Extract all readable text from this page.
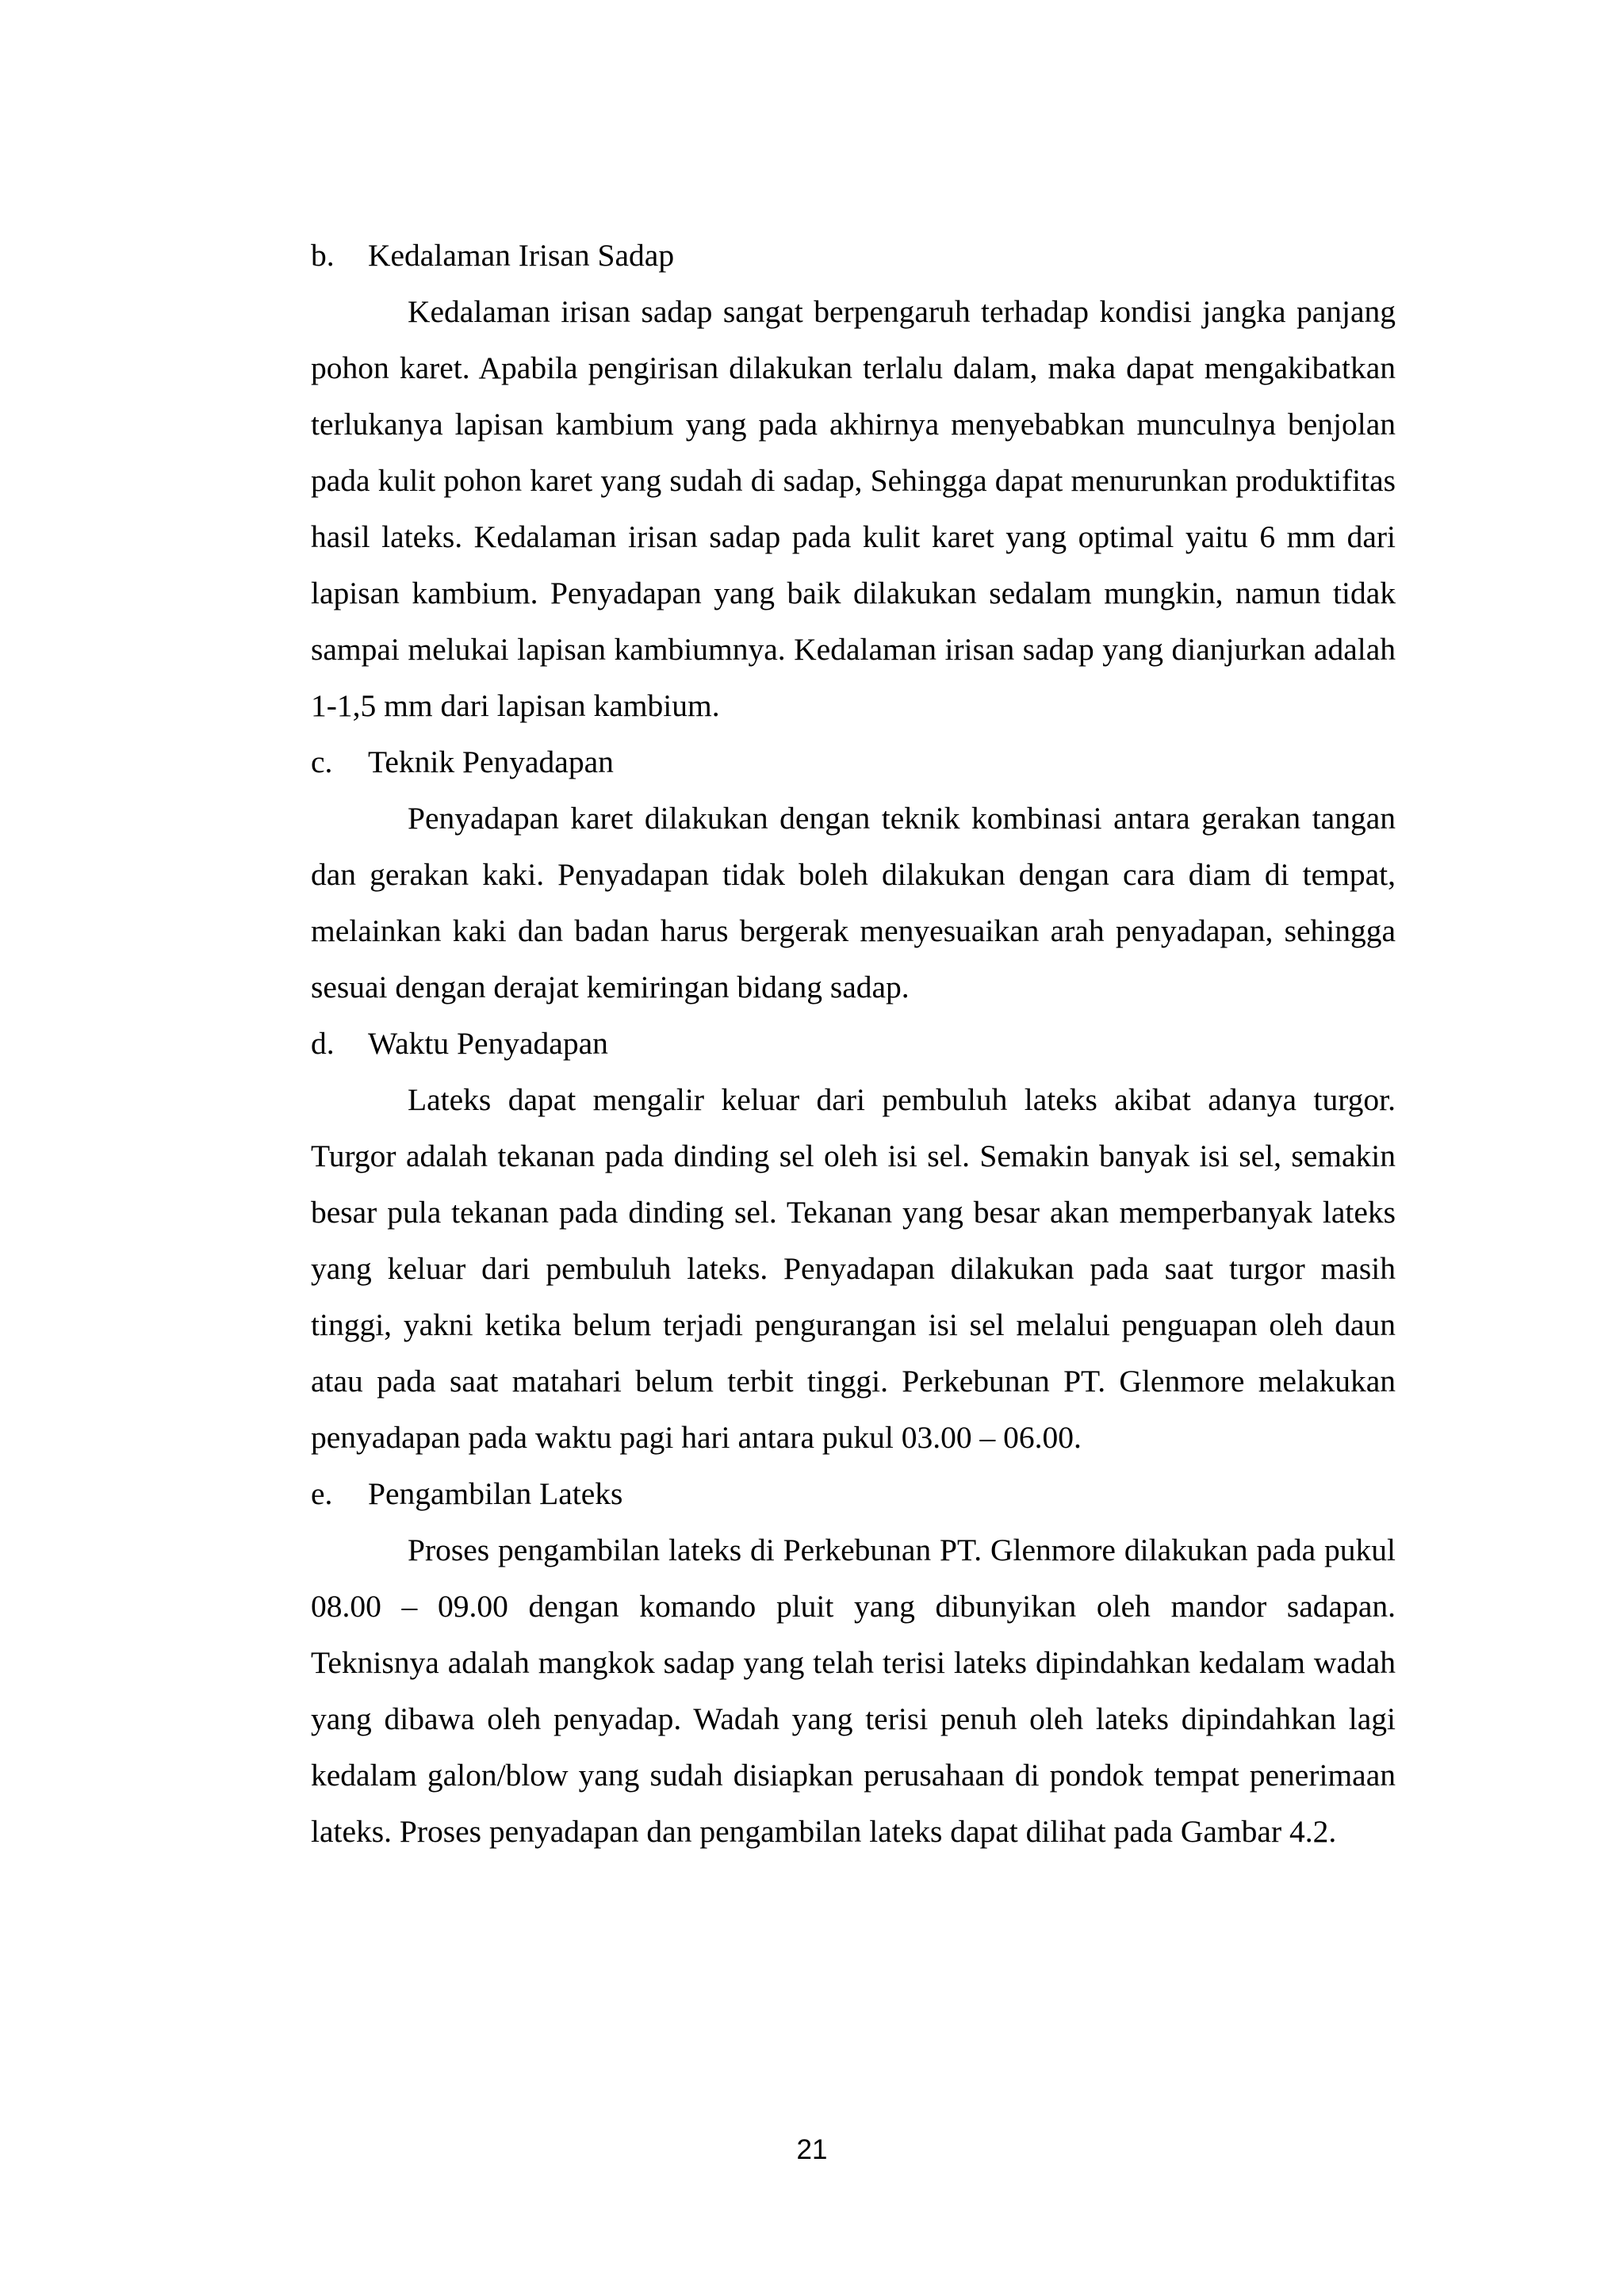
b. Kedalaman Irisan Sadap

Kedalaman irisan sadap sangat berpengaruh terhadap kondisi jangka panjang pohon karet. Apabila pengirisan dilakukan terlalu dalam, maka dapat mengakibatkan terlukanya lapisan kambium yang pada akhirnya menyebabkan munculnya benjolan pada kulit pohon karet yang sudah di sadap, Sehingga dapat menurunkan produktifitas hasil lateks. Kedalaman irisan sadap pada kulit karet yang optimal yaitu 6 mm dari lapisan kambium. Penyadapan yang baik dilakukan sedalam mungkin, namun tidak sampai melukai lapisan kambiumnya. Kedalaman irisan sadap yang dianjurkan adalah 1-1,5 mm dari lapisan kambium.

c. Teknik Penyadapan

Penyadapan karet dilakukan dengan teknik kombinasi antara gerakan tangan dan gerakan kaki. Penyadapan tidak boleh dilakukan dengan cara diam di tempat, melainkan kaki dan badan harus bergerak menyesuaikan arah penyadapan, sehingga sesuai dengan derajat kemiringan bidang sadap.

d. Waktu Penyadapan

Lateks dapat mengalir keluar dari pembuluh lateks akibat adanya turgor. Turgor adalah tekanan pada dinding sel oleh isi sel. Semakin banyak isi sel, semakin besar pula tekanan pada dinding sel. Tekanan yang besar akan memperbanyak lateks yang keluar dari pembuluh lateks. Penyadapan dilakukan pada saat turgor masih tinggi, yakni ketika belum terjadi pengurangan isi sel melalui penguapan oleh daun atau pada saat matahari belum terbit tinggi. Perkebunan PT. Glenmore melakukan penyadapan pada waktu pagi hari antara pukul 03.00 – 06.00.

e. Pengambilan Lateks

Proses pengambilan lateks di Perkebunan PT. Glenmore dilakukan pada pukul 08.00 – 09.00 dengan komando pluit yang dibunyikan oleh mandor sadapan. Teknisnya adalah mangkok sadap yang telah terisi lateks dipindahkan kedalam wadah yang dibawa oleh penyadap. Wadah yang terisi penuh oleh lateks dipindahkan lagi kedalam galon/blow yang sudah disiapkan perusahaan di pondok tempat penerimaan lateks. Proses penyadapan dan pengambilan lateks dapat dilihat pada Gambar 4.2.

21
